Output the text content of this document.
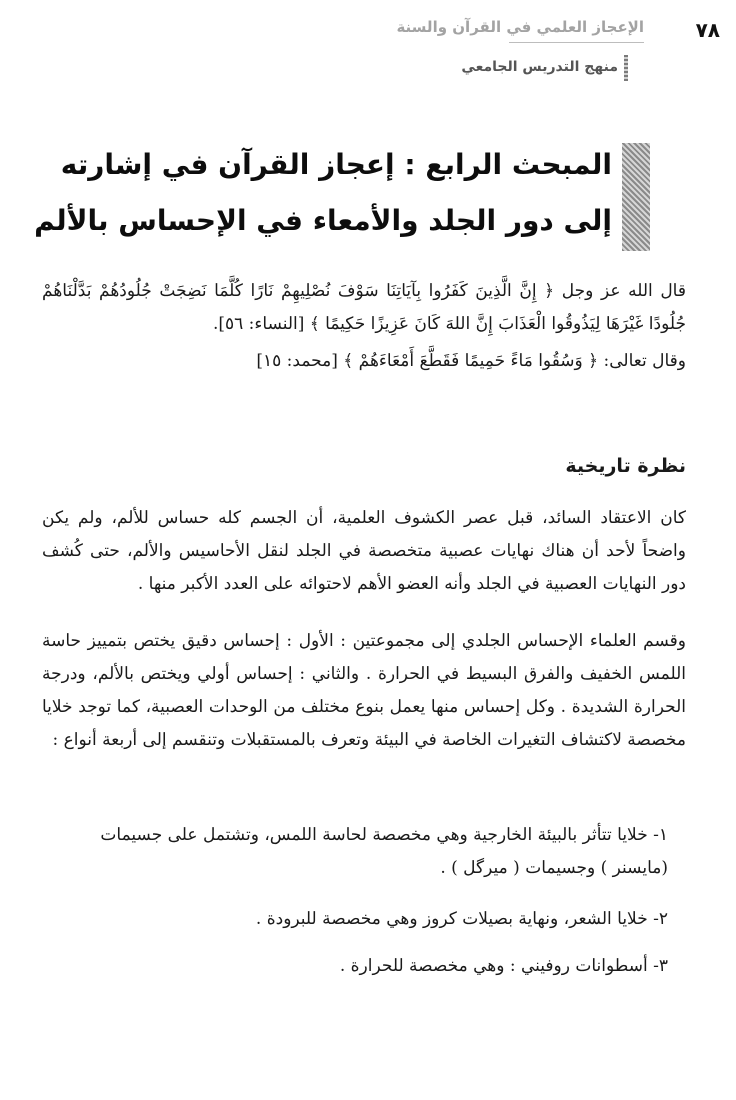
٧٨
الإعجاز العلمي في القرآن والسنة
منهج التدريس الجامعي
المبحث الرابع : إعجاز القرآن في إشارته
إلى دور الجلد والأمعاء في الإحساس بالألم
قال الله عز وجل ﴿ إِنَّ الَّذِينَ كَفَرُوا بِآيَاتِنَا سَوْفَ نُصْلِيهِمْ نَارًا كُلَّمَا نَضِجَتْ جُلُودُهُمْ بَدَّلْنَاهُمْ جُلُودًا غَيْرَهَا لِيَذُوقُوا الْعَذَابَ إِنَّ اللهَ كَانَ عَزِيزًا حَكِيمًا ﴾ [النساء: ٥٦].
وقال تعالى: ﴿ وَسُقُوا مَاءً حَمِيمًا فَقَطَّعَ أَمْعَاءَهُمْ ﴾ [محمد: ١٥]
نظرة تاريخية
كان الاعتقاد السائد، قبل عصر الكشوف العلمية، أن الجسم كله حساس للألم، ولم يكن واضحاً لأحد أن هناك نهايات عصبية متخصصة في الجلد لنقل الأحاسيس والألم، حتى كُشف دور النهايات العصبية في الجلد وأنه العضو الأهم لاحتوائه على العدد الأكبر منها .
وقسم العلماء الإحساس الجلدي إلى مجموعتين : الأول : إحساس دقيق يختص بتمييز حاسة اللمس الخفيف والفرق البسيط في الحرارة . والثاني : إحساس أولي ويختص بالألم، ودرجة الحرارة الشديدة . وكل إحساس منها يعمل بنوع مختلف من الوحدات العصبية، كما توجد خلايا مخصصة لاكتشاف التغيرات الخاصة في البيئة وتعرف بالمستقبلات وتنقسم إلى أربعة أنواع :
١- خلايا تتأثر بالبيئة الخارجية وهي مخصصة لحاسة اللمس، وتشتمل على جسيمات (مايسنر ) وجسيمات ( ميرگل ) .
٢- خلايا الشعر، ونهاية بصيلات كروز وهي مخصصة للبرودة .
٣- أسطوانات روفيني : وهي مخصصة للحرارة .
